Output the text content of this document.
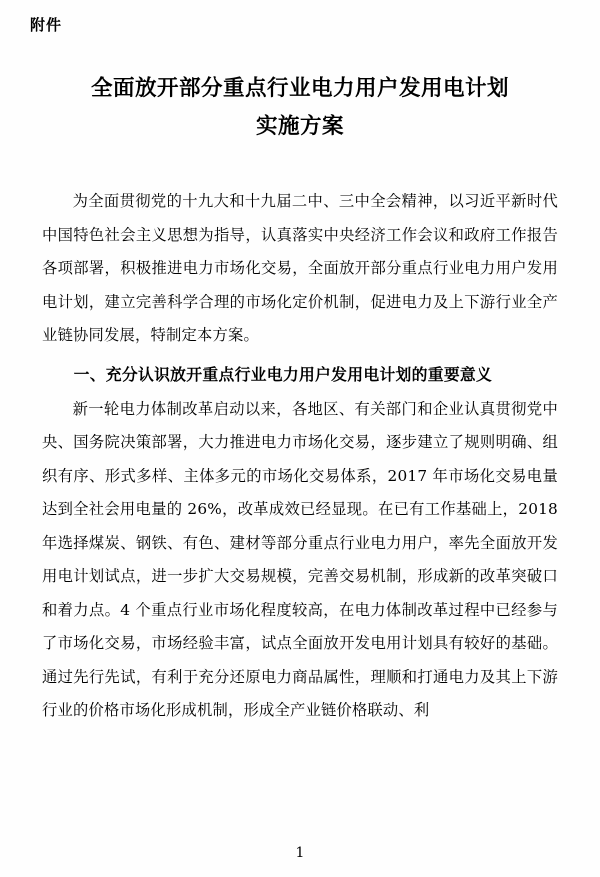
附件
全面放开部分重点行业电力用户发用电计划
实施方案

为全面贯彻党的十九大和十九届二中、三中全会精神，以习近平新时代中国特色社会主义思想为指导，认真落实中央经济工作会议和政府工作报告各项部署，积极推进电力市场化交易，全面放开部分重点行业电力用户发用电计划，建立完善科学合理的市场化定价机制，促进电力及上下游行业全产业链协同发展，特制定本方案。

一、充分认识放开重点行业电力用户发用电计划的重要意义

新一轮电力体制改革启动以来，各地区、有关部门和企业认真贯彻党中央、国务院决策部署，大力推进电力市场化交易，逐步建立了规则明确、组织有序、形式多样、主体多元的市场化交易体系，2017 年市场化交易电量达到全社会用电量的 26%，改革成效已经显现。在已有工作基础上，2018 年选择煤炭、钢铁、有色、建材等部分重点行业电力用户，率先全面放开发用电计划试点，进一步扩大交易规模，完善交易机制，形成新的改革突破口和着力点。4 个重点行业市场化程度较高，在电力体制改革过程中已经参与了市场化交易，市场经验丰富，试点全面放开发电用计划具有较好的基础。通过先行先试，有利于充分还原电力商品属性，理顺和打通电力及其上下游行业的价格市场化形成机制，形成全产业链价格联动、利

1
